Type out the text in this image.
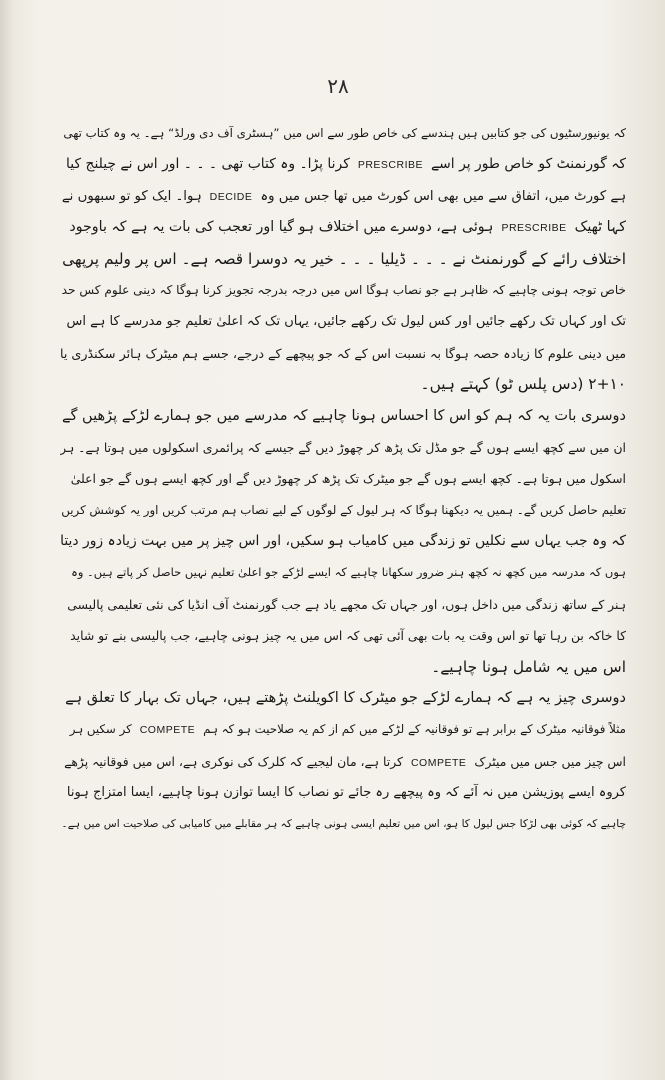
۲۸
کہ یونیورسٹیوں کی جو کتابیں ہیں ہندسے کی خاص طور سے اس میں ”ہسٹری آف دی ورلڈ“ ہے۔ یہ وہ کتاب تھی
کہ گورنمنٹ کو خاص طور پر اسےPRESCRIBEکرنا پڑا۔ وہ کتاب تھی ۔ ۔ ۔ اور اس نے چیلنج کیا
ہے کورٹ میں، اتفاق سے میں بھی اس کورٹ میں تھا جس میں وہDECIDEہوا۔ ایک کو تو سبھوں نے
کہا ٹھیکPRESCRIBEہوئی ہے، دوسرے میں اختلاف ہو گیا اور تعجب کی بات یہ ہے کہ باوجود
اختلاف رائے کے گورنمنٹ نے ۔ ۔ ۔ ڈیلیا ۔ ۔ ۔ خیر یہ دوسرا قصہ ہے۔ اس پر ولیم پرپھی
خاص توجہ ہونی چاہیے کہ ظاہر ہے جو نصاب ہوگا اس میں درجہ بدرجہ تجویز کرنا ہوگا کہ دینی علوم کس حد
تک اور کہاں تک رکھے جائیں اور کس لیول تک رکھے جائیں، یہاں تک کہ اعلیٰ تعلیم جو مدرسے کا ہے اس
میں دینی علوم کا زیادہ حصہ ہوگا بہ نسبت اس کے کہ جو پیچھے کے درجے، جسے ہم میٹرک ہائر سکنڈری یا
۲+۱۰ (دس پلس ٹو) کہتے ہیں۔
دوسری بات یہ کہ ہم کو اس کا احساس ہونا چاہیے کہ مدرسے میں جو ہمارے لڑکے پڑھیں گے
ان میں سے کچھ ایسے ہوں گے جو مڈل تک پڑھ کر چھوڑ دیں گے جیسے کہ پرائمری اسکولوں میں ہوتا ہے۔ ہر
اسکول میں ہوتا ہے۔ کچھ ایسے ہوں گے جو میٹرک تک پڑھ کر چھوڑ دیں گے اور کچھ ایسے ہوں گے جو اعلیٰ
تعلیم حاصل کریں گے۔ ہمیں یہ دیکھنا ہوگا کہ ہر لیول کے لوگوں کے لیے نصاب ہم مرتب کریں اور یہ کوشش کریں
کہ وہ جب یہاں سے نکلیں تو زندگی میں کامیاب ہو سکیں، اور اس چیز پر میں بہت زیادہ زور دیتا
ہوں کہ مدرسہ میں کچھ نہ کچھ ہنر ضرور سکھانا چاہیے کہ ایسے لڑکے جو اعلیٰ تعلیم نہیں حاصل کر پاتے ہیں۔ وہ
ہنر کے ساتھ زندگی میں داخل ہوں، اور جہاں تک مجھے یاد ہے جب گورنمنٹ آف انڈیا کی نئی تعلیمی پالیسی
کا خاکہ بن رہا تھا تو اس وقت یہ بات بھی آئی تھی کہ اس میں یہ چیز ہونی چاہیے، جب پالیسی بنے تو شاید
اس میں یہ شامل ہونا چاہیے۔
دوسری چیز یہ ہے کہ ہمارے لڑکے جو میٹرک کا اکویلنٹ پڑھتے ہیں، جہاں تک بہار کا تعلق ہے
مثلاً فوقانیہ میٹرک کے برابر ہے تو فوقانیہ کے لڑکے میں کم از کم یہ صلاحیت ہو کہ ہمCOMPETEکر سکیں ہر
اس چیز میں جس میں میٹرکCOMPETEکرتا ہے، مان لیجیے کہ کلرک کی نوکری ہے، اس میں فوقانیہ پڑھے
کروہ ایسے پوزیشن میں نہ آئے کہ وہ پیچھے رہ جائے تو نصاب کا ایسا توازن ہونا چاہیے، ایسا امتزاج ہونا
چاہیے کہ کوئی بھی لڑکا جس لیول کا ہو، اس میں تعلیم ایسی ہونی چاہیے کہ ہر مقابلے میں کامیابی کی صلاحیت اس میں ہے۔
